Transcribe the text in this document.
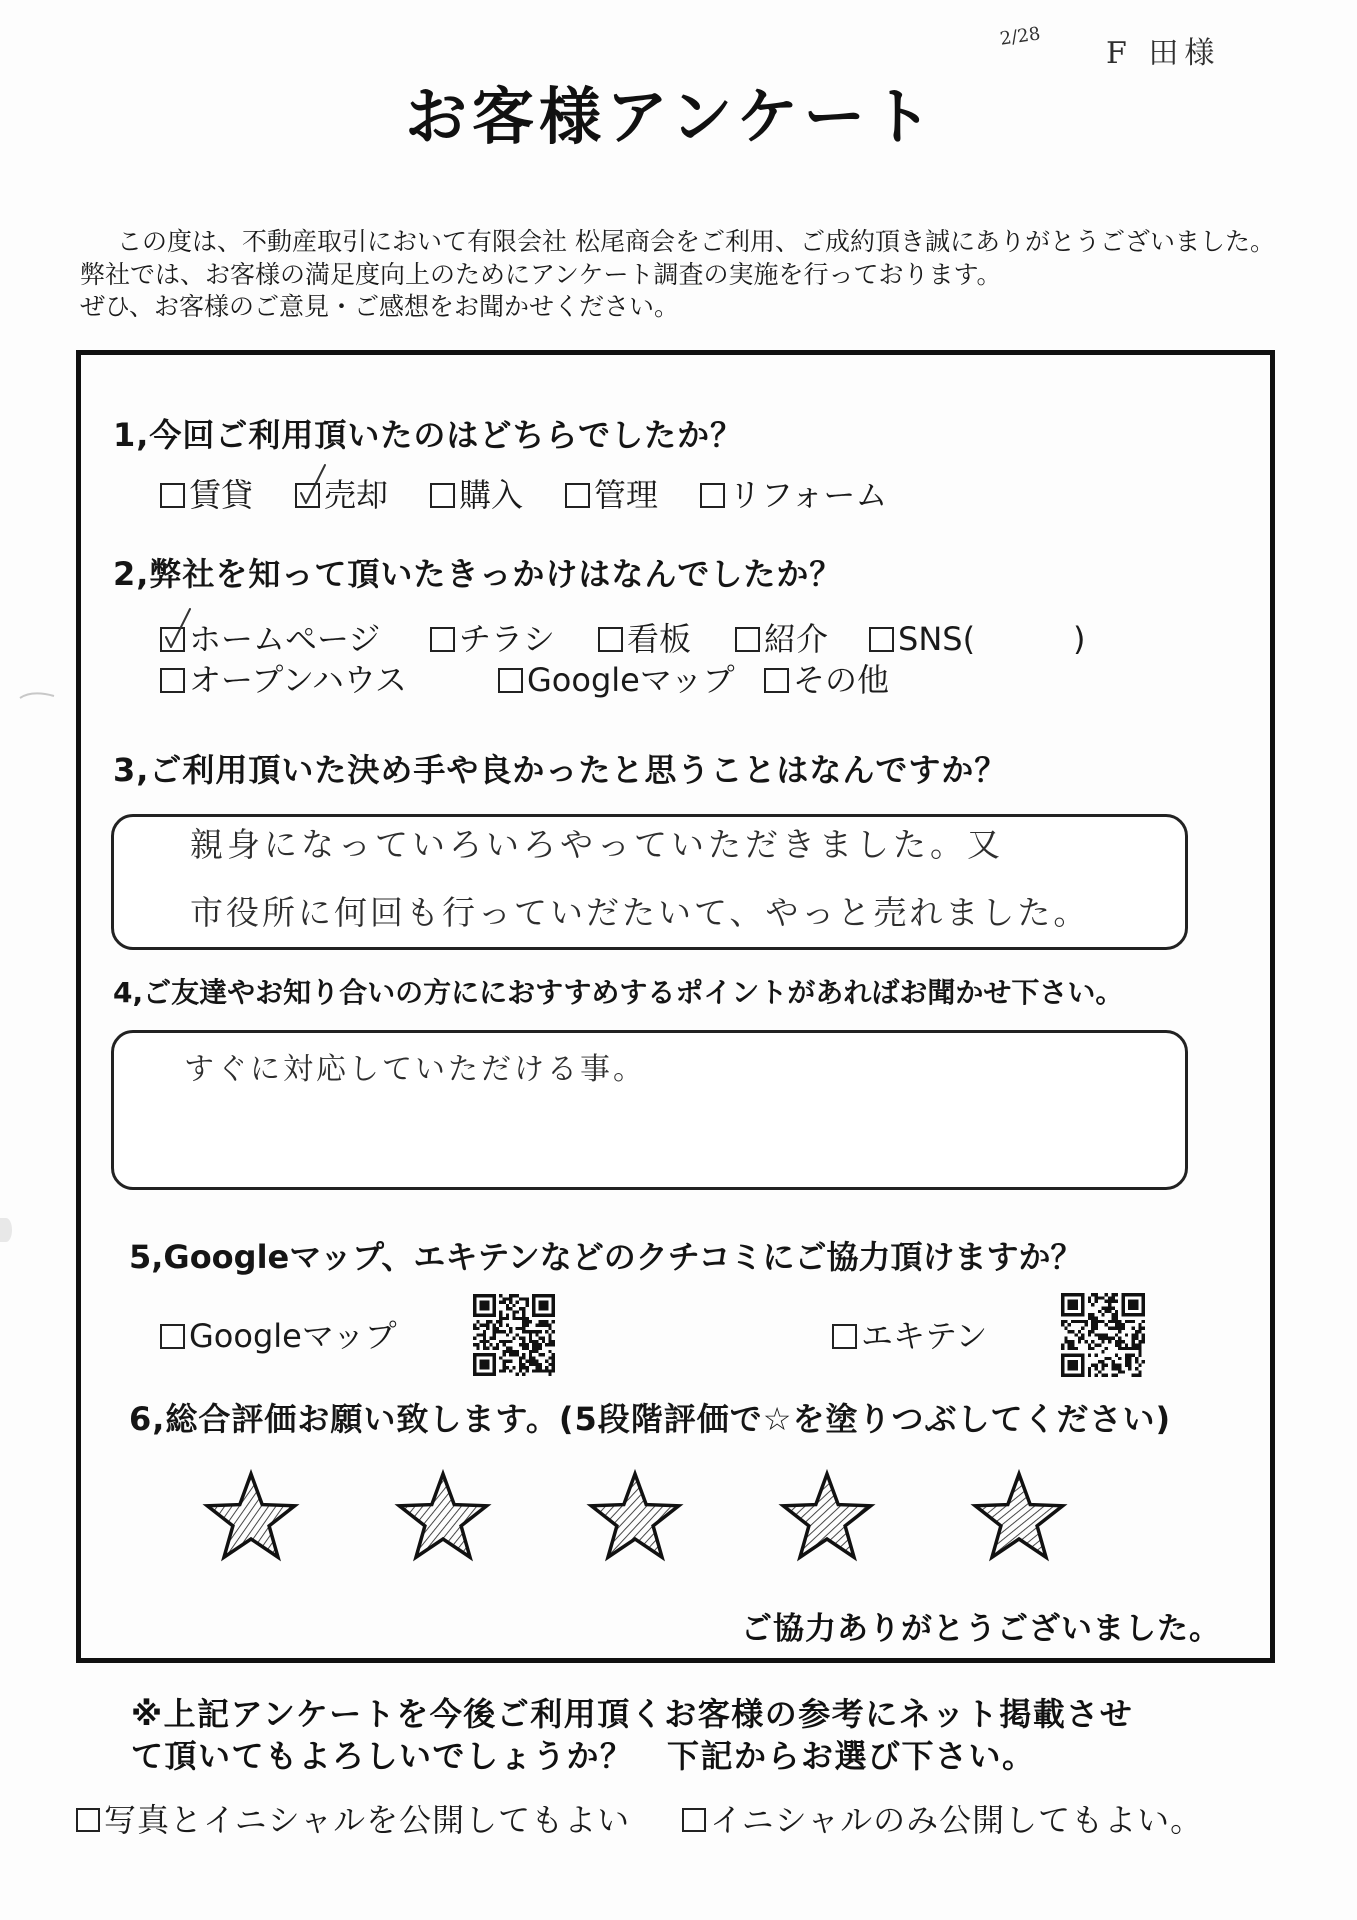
2/28 F 田様
お客様アンケート
この度は、不動産取引において有限会社 松尾商会をご利用、ご成約頂き誠にありがとうございました。
弊社では、お客様の満足度向上のためにアンケート調査の実施を行っております。
ぜひ、お客様のご意見・ご感想をお聞かせください。
1,今回ご利用頂いたのはどちらでしたか？
賃貸 売却 購入 管理 リフォーム
2,弊社を知って頂いたきっかけはなんでしたか？
ホームページ チラシ 看板 紹介 SNS(	)
オープンハウス	Googleマップ その他
3,ご利用頂いた決め手や良かったと思うことはなんですか？
親身になっていろいろやっていただきました。又
市役所に何回も行っていだたいて、やっと売れました。
4,ご友達やお知り合いの方ににおすすめするポイントがあればお聞かせ下さい。
すぐに対応していただける事。
5,Googleマップ、エキテンなどのクチコミにご協力頂けますか？
Googleマップ	エキテン
6,総合評価お願い致します。(5段階評価で☆を塗りつぶしてください)
ご協力ありがとうございました。
※上記アンケートを今後ご利用頂くお客様の参考にネット掲載させ
て頂いてもよろしいでしょうか？　下記からお選び下さい。
写真とイニシャルを公開してもよい イニシャルのみ公開してもよい。
